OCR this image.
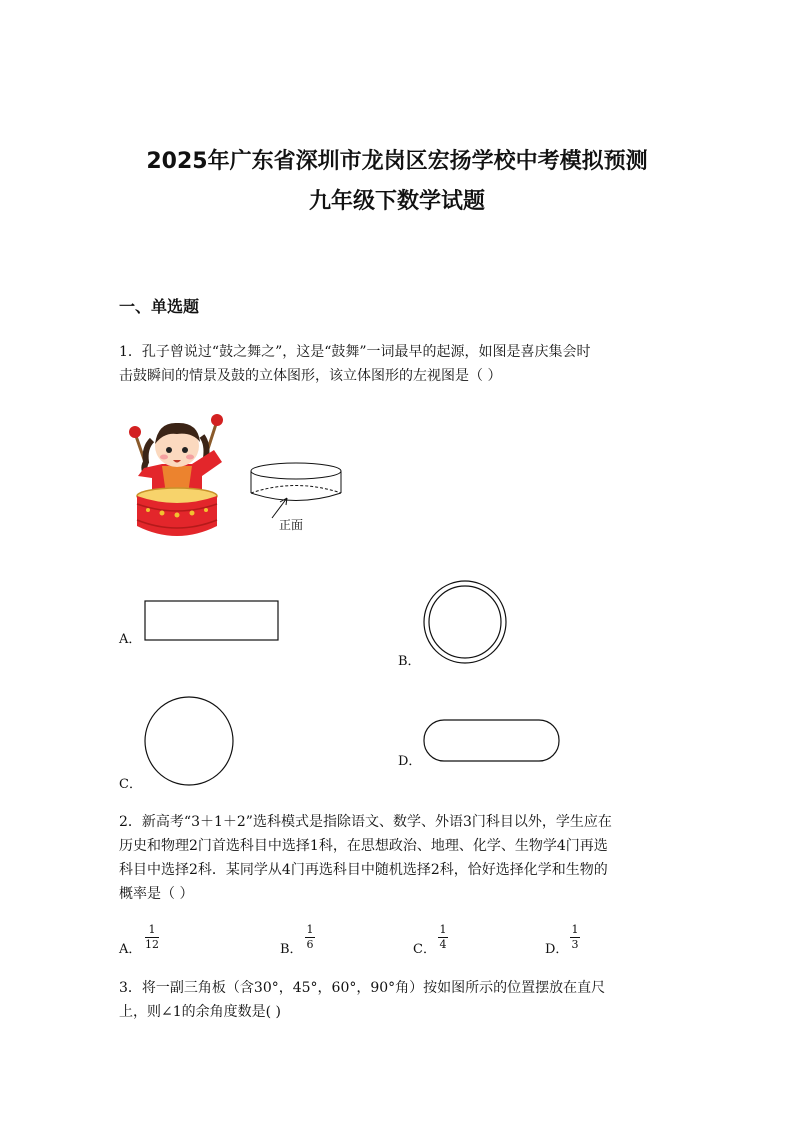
2025年广东省深圳市龙岗区宏扬学校中考模拟预测
九年级下数学试题
一、单选题
1．孔子曾说过“鼓之舞之”，这是“鼓舞”一词最早的起源，如图是喜庆集会时
击鼓瞬间的情景及鼓的立体图形，该立体图形的左视图是（ ）
正面
A．
B．
C．
D．
2．新高考“3＋1＋2”选科模式是指除语文、数学、外语3门科目以外，学生应在
历史和物理2门首选科目中选择1科，在思想政治、地理、化学、生物学4门再选
科目中选择2科．某同学从4门再选科目中随机选择2科，恰好选择化学和生物的
概率是（ ）
A．
1
12	B．
1
6	C．
1
4	D．
1
3
3．将一副三角板（含30°，45°，60°，90°角）按如图所示的位置摆放在直尺
上，则∠1的余角度数是( )
